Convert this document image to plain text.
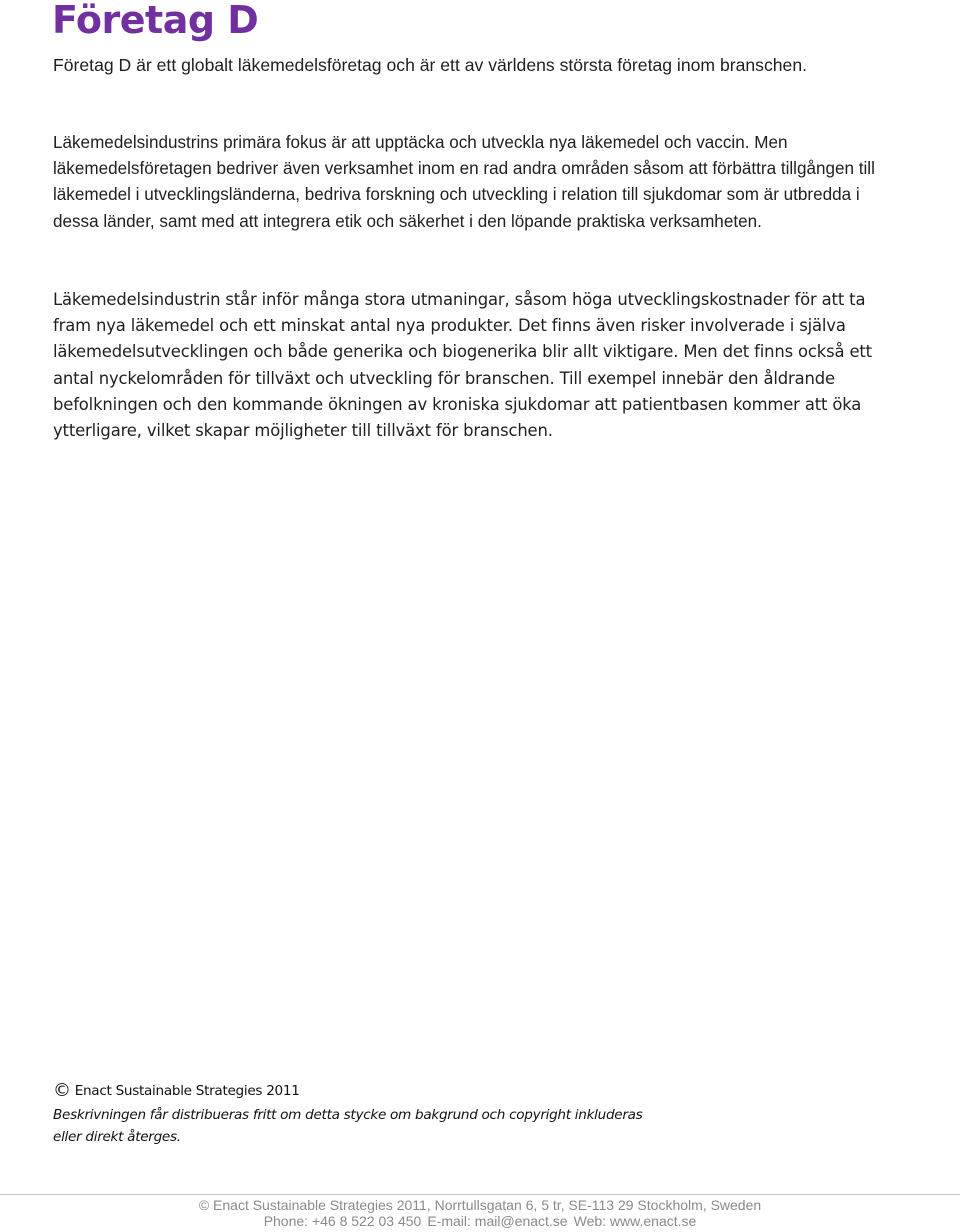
Företag D

Företag D är ett globalt läkemedelsföretag och är ett av världens största företag inom branschen.

Läkemedelsindustrins primära fokus är att upptäcka och utveckla nya läkemedel och vaccin. Men läkemedelsföretagen bedriver även verksamhet inom en rad andra områden såsom att förbättra tillgången till läkemedel i utvecklingsländerna, bedriva forskning och utveckling i relation till sjukdomar som är utbredda i dessa länder, samt med att integrera etik och säkerhet i den löpande praktiska verksamheten.

Läkemedelsindustrin står inför många stora utmaningar, såsom höga utvecklingskostnader för att ta fram nya läkemedel och ett minskat antal nya produkter. Det finns även risker involverade i själva läkemedelsutvecklingen och både generika och biogenerika blir allt viktigare. Men det finns också ett antal nyckelområden för tillväxt och utveckling för branschen. Till exempel innebär den åldrande befolkningen och den kommande ökningen av kroniska sjukdomar att patientbasen kommer att öka ytterligare, vilket skapar möjligheter till tillväxt för branschen.

© Enact Sustainable Strategies 2011

Beskrivningen får distribueras fritt om detta stycke om bakgrund och copyright inkluderas eller direkt återges.

© Enact Sustainable Strategies 2011, Norrtullsgatan 6, 5 tr, SE-113 29 Stockholm, Sweden

Phone: +46 8 522 03 450 E-mail: mail@enact.se Web: www.enact.se
